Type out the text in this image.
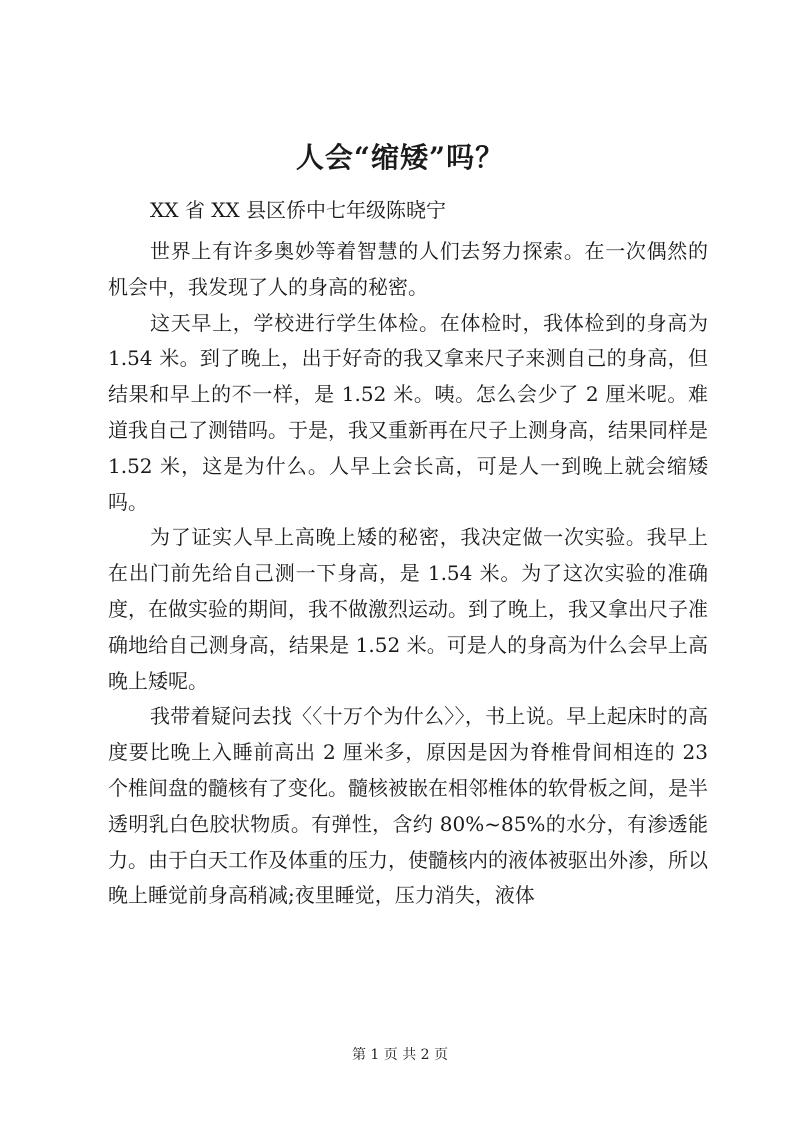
人会“缩矮”吗？
XX 省 XX 县区侨中七年级陈晓宁

世界上有许多奥妙等着智慧的人们去努力探索。在一次偶然的机会中，我发现了人的身高的秘密。

这天早上，学校进行学生体检。在体检时，我体检到的身高为 1.54 米。到了晚上，出于好奇的我又拿来尺子来测自己的身高，但结果和早上的不一样，是 1.52 米。咦。怎么会少了 2 厘米呢。难道我自己了测错吗。于是，我又重新再在尺子上测身高，结果同样是 1.52 米，这是为什么。人早上会长高，可是人一到晚上就会缩矮吗。

为了证实人早上高晚上矮的秘密，我决定做一次实验。我早上在出门前先给自己测一下身高，是 1.54 米。为了这次实验的准确度，在做实验的期间，我不做激烈运动。到了晚上，我又拿出尺子准确地给自己测身高，结果是 1.52 米。可是人的身高为什么会早上高晚上矮呢。

我带着疑问去找〈〈十万个为什么〉〉，书上说。早上起床时的高度要比晚上入睡前高出 2 厘米多，原因是因为脊椎骨间相连的 23 个椎间盘的髓核有了变化。髓核被嵌在相邻椎体的软骨板之间，是半透明乳白色胶状物质。有弹性，含约 80%~85%的水分，有渗透能力。由于白天工作及体重的压力，使髓核内的液体被驱出外渗，所以晚上睡觉前身高稍减;夜里睡觉，压力消失，液体

第 1 页 共 2 页
